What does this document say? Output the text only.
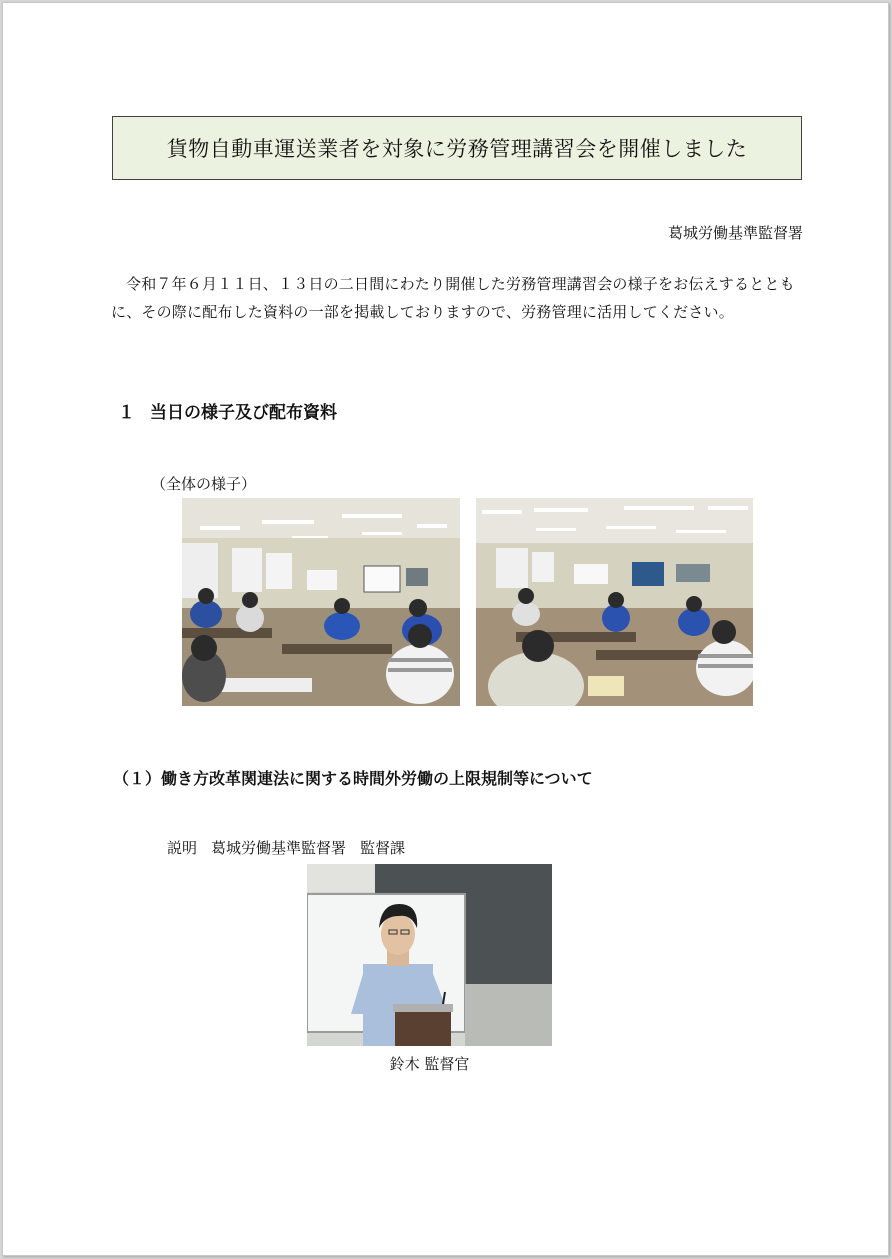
貨物自動車運送業者を対象に労務管理講習会を開催しました
葛城労働基準監督署
令和７年６月１１日、１３日の二日間にわたり開催した労務管理講習会の様子をお伝えするとともに、その際に配布した資料の一部を掲載しておりますので、労務管理に活用してください。
１ 当日の様子及び配布資料
（全体の様子）
（１）働き方改革関連法に関する時間外労働の上限規制等について
説明 葛城労働基準監督署 監督課
鈴木 監督官
